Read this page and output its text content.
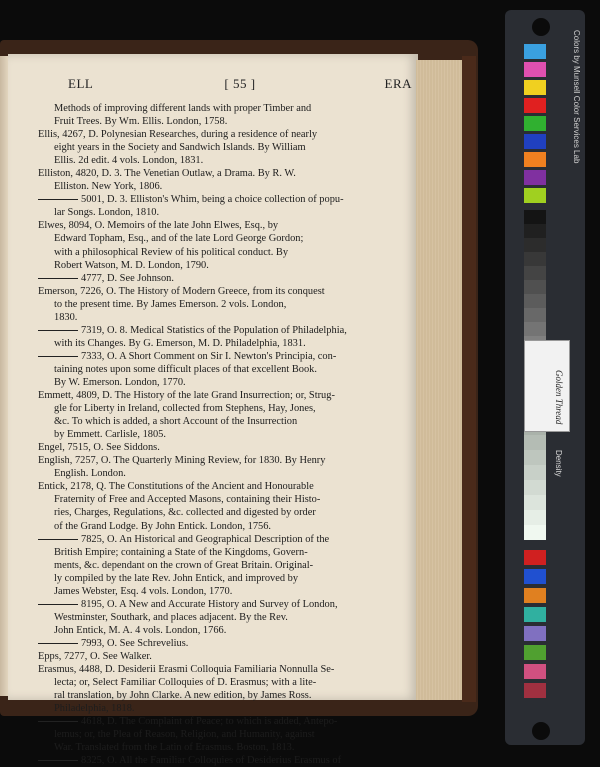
ELL	[ 55 ]	ERA
Methods of improving different lands with proper Timber and
Fruit Trees. By Wm. Ellis. London, 1758.
Ellis, 4267, D. Polynesian Researches, during a residence of nearly
eight years in the Society and Sandwich Islands. By William
Ellis. 2d edit. 4 vols. London, 1831.
Elliston, 4820, D. 3. The Venetian Outlaw, a Drama. By R. W.
Elliston. New York, 1806.
5001, D. 3. Elliston's Whim, being a choice collection of popu-
lar Songs. London, 1810.
Elwes, 8094, O. Memoirs of the late John Elwes, Esq., by
Edward Topham, Esq., and of the late Lord George Gordon;
with a philosophical Review of his political conduct. By
Robert Watson, M. D. London, 1790.
4777, D. See Johnson.
Emerson, 7226, O. The History of Modern Greece, from its conquest
to the present time. By James Emerson. 2 vols. London,
1830.
7319, O. 8. Medical Statistics of the Population of Philadelphia,
with its Changes. By G. Emerson, M. D. Philadelphia, 1831.
7333, O. A Short Comment on Sir I. Newton's Principia, con-
taining notes upon some difficult places of that excellent Book.
By W. Emerson. London, 1770.
Emmett, 4809, D. The History of the late Grand Insurrection; or, Strug-
gle for Liberty in Ireland, collected from Stephens, Hay, Jones,
&c. To which is added, a short Account of the Insurrection
by Emmett. Carlisle, 1805.
Engel, 7515, O. See Siddons.
English, 7257, O. The Quarterly Mining Review, for 1830. By Henry
English. London.
Entick, 2178, Q. The Constitutions of the Ancient and Honourable
Fraternity of Free and Accepted Masons, containing their Histo-
ries, Charges, Regulations, &c. collected and digested by order
of the Grand Lodge. By John Entick. London, 1756.
7825, O. An Historical and Geographical Description of the
British Empire; containing a State of the Kingdoms, Govern-
ments, &c. dependant on the crown of Great Britain. Original-
ly compiled by the late Rev. John Entick, and improved by
James Webster, Esq. 4 vols. London, 1770.
8195, O. A New and Accurate History and Survey of London,
Westminster, Southark, and places adjacent. By the Rev.
John Entick, M. A. 4 vols. London, 1766.
7993, O. See Schrevelius.
Epps, 7277, O. See Walker.
Erasmus, 4488, D. Desiderii Erasmi Colloquia Familiaria Nonnulla Se-
lecta; or, Select Familiar Colloquies of D. Erasmus; with a lite-
ral translation, by John Clarke. A new edition, by James Ross.
Philadelphia, 1818.
4618, D. The Complaint of Peace; to which is added, Antepo-
lemus; or, the Plea of Reason, Religion, and Humanity, against
War. Translated from the Latin of Erasmus. Boston, 1813.
8325, O. All the Familiar Colloquies of Desiderius Erasmus of
Colors by Munsell Color Services Lab
Density
Golden Thread
